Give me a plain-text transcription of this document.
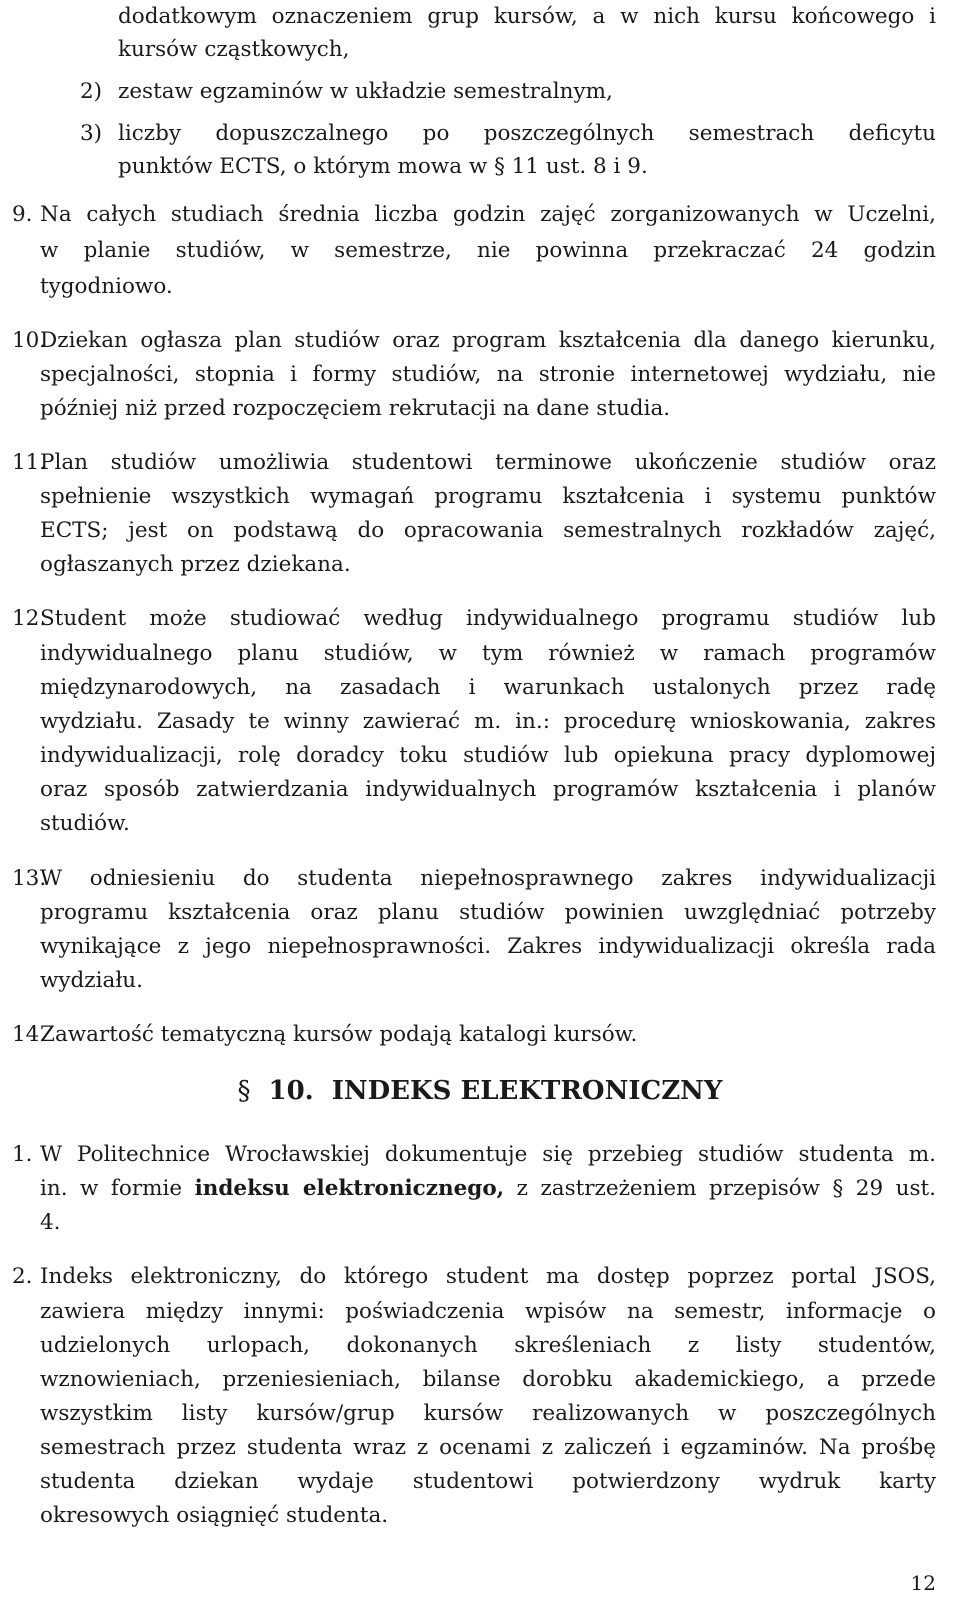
dodatkowym oznaczeniem grup kursów, a w nich kursu końcowego i
kursów cząstkowych,
2) zestaw egzaminów w układzie semestralnym,
3) liczby dopuszczalnego po poszczególnych semestrach deficytu
punktów ECTS, o którym mowa w § 11 ust. 8 i 9.
9. Na całych studiach średnia liczba godzin zajęć zorganizowanych w Uczelni,
w planie studiów, w semestrze, nie powinna przekraczać 24 godzin
tygodniowo.
10.
Dziekan ogłasza plan studiów oraz program kształcenia dla danego kierunku,
specjalności, stopnia i formy studiów, na stronie internetowej wydziału, nie
później niż przed rozpoczęciem rekrutacji na dane studia.
11.
Plan studiów umożliwia studentowi terminowe ukończenie studiów oraz
spełnienie wszystkich wymagań programu kształcenia i systemu punktów
ECTS; jest on podstawą do opracowania semestralnych rozkładów zajęć,
ogłaszanych przez dziekana.
12.
Student może studiować według indywidualnego programu studiów lub
indywidualnego planu studiów, w tym również w ramach programów
międzynarodowych, na zasadach i warunkach ustalonych przez radę
wydziału. Zasady te winny zawierać m. in.: procedurę wnioskowania, zakres
indywidualizacji, rolę doradcy toku studiów lub opiekuna pracy dyplomowej
oraz sposób zatwierdzania indywidualnych programów kształcenia i planów
studiów.
13.
W odniesieniu do studenta niepełnosprawnego zakres indywidualizacji
programu kształcenia oraz planu studiów powinien uwzględniać potrzeby
wynikające z jego niepełnosprawności. Zakres indywidualizacji określa rada
wydziału.
14.
Zawartość tematyczną kursów podają katalogi kursów.
§ 10. INDEKS ELEKTRONICZNY
1. W Politechnice Wrocławskiej dokumentuje się przebieg studiów studenta m.
in. w formie indeksu elektronicznego, z zastrzeżeniem przepisów § 29 ust.
4.
2. Indeks elektroniczny, do którego student ma dostęp poprzez portal JSOS,
zawiera między innymi: poświadczenia wpisów na semestr, informacje o
udzielonych urlopach, dokonanych skreśleniach z listy studentów,
wznowieniach, przeniesieniach, bilanse dorobku akademickiego, a przede
wszystkim listy kursów/grup kursów realizowanych w poszczególnych
semestrach przez studenta wraz z ocenami z zaliczeń i egzaminów. Na prośbę
studenta dziekan wydaje studentowi potwierdzony wydruk karty
okresowych osiągnięć studenta.
12
